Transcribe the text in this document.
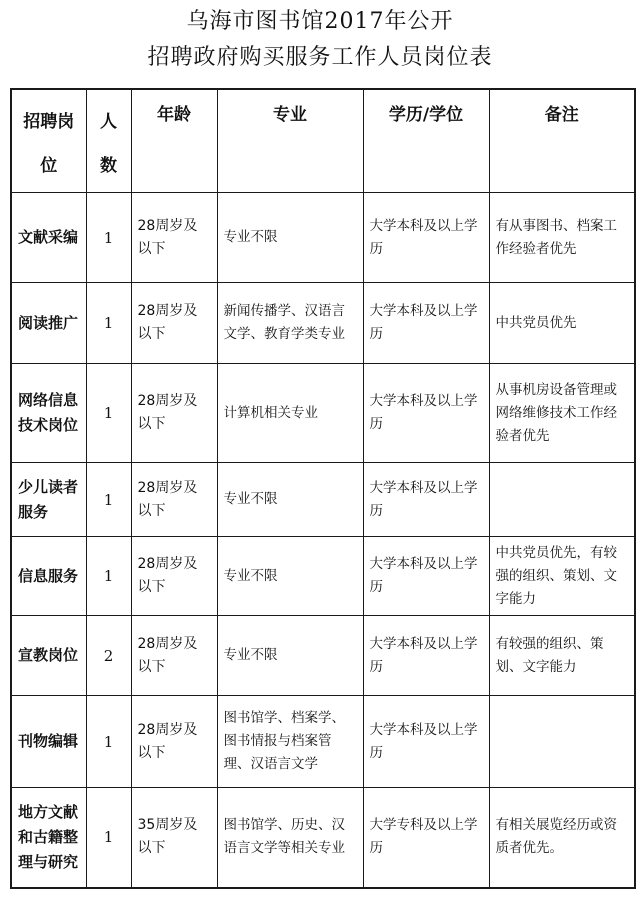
乌海市图书馆2017年公开
招聘政府购买服务工作人员岗位表
招聘岗位	人数	年龄	专业	学历/学位	备注
文献采编	1	28周岁及以下	专业不限	大学本科及以上学历	有从事图书、档案工作经验者优先
阅读推广	1	28周岁及以下	新闻传播学、汉语言文学、教育学类专业	大学本科及以上学历	中共党员优先
网络信息技术岗位	1	28周岁及以下	计算机相关专业	大学本科及以上学历	从事机房设备管理或网络维修技术工作经验者优先
少儿读者服务	1	28周岁及以下	专业不限	大学本科及以上学历	
信息服务	1	28周岁及以下	专业不限	大学本科及以上学历	中共党员优先，有较强的组织、策划、文字能力
宣教岗位	2	28周岁及以下	专业不限	大学本科及以上学历	有较强的组织、策划、文字能力
刊物编辑	1	28周岁及以下	图书馆学、档案学、图书情报与档案管理、汉语言文学	大学本科及以上学历	
地方文献和古籍整理与研究	1	35周岁及以下	图书馆学、历史、汉语言文学等相关专业	大学专科及以上学历	有相关展览经历或资质者优先。
